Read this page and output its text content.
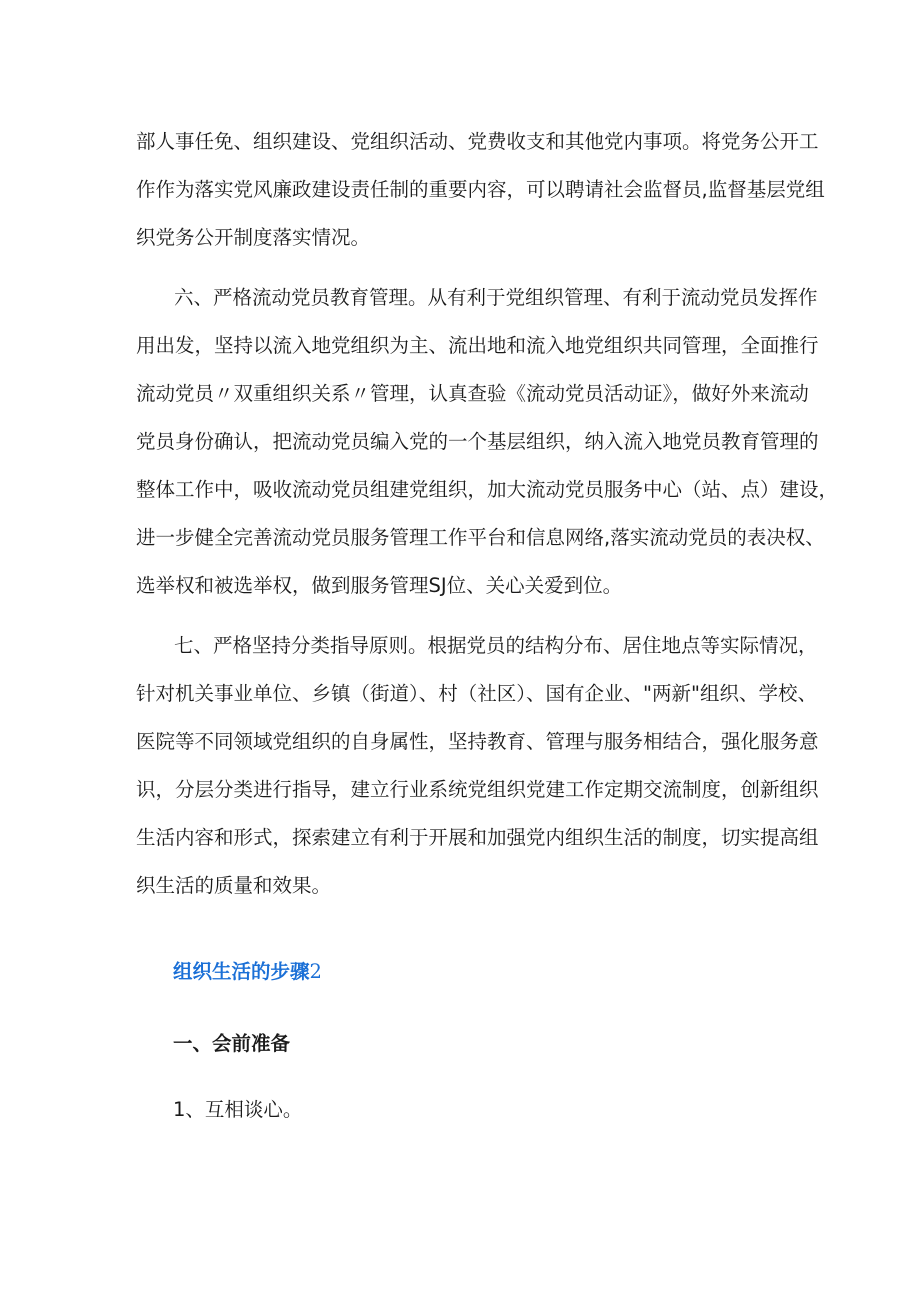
部人事任免、组织建设、党组织活动、党费收支和其他党内事项。将党务公开工
作作为落实党风廉政建设责任制的重要内容，可以聘请社会监督员,监督基层党组
织党务公开制度落实情况。
六、严格流动党员教育管理。从有利于党组织管理、有利于流动党员发挥作
用出发，坚持以流入地党组织为主、流出地和流入地党组织共同管理，全面推行
流动党员〃双重组织关系〃管理，认真查验《流动党员活动证》，做好外来流动
党员身份确认，把流动党员编入党的一个基层组织，纳入流入地党员教育管理的
整体工作中，吸收流动党员组建党组织，加大流动党员服务中心（站、点）建设，
进一步健全完善流动党员服务管理工作平台和信息网络,落实流动党员的表决权、
选举权和被选举权，做到服务管理SJ位、关心关爱到位。
七、严格坚持分类指导原则。根据党员的结构分布、居住地点等实际情况，
针对机关事业单位、乡镇（街道）、村（社区）、国有企业、"两新"组织、学校、
医院等不同领域党组织的自身属性，坚持教育、管理与服务相结合，强化服务意
识，分层分类进行指导，建立行业系统党组织党建工作定期交流制度，创新组织
生活内容和形式，探索建立有利于开展和加强党内组织生活的制度，切实提高组
织生活的质量和效果。
组织生活的步骤2
一、会前准备
1、互相谈心。
